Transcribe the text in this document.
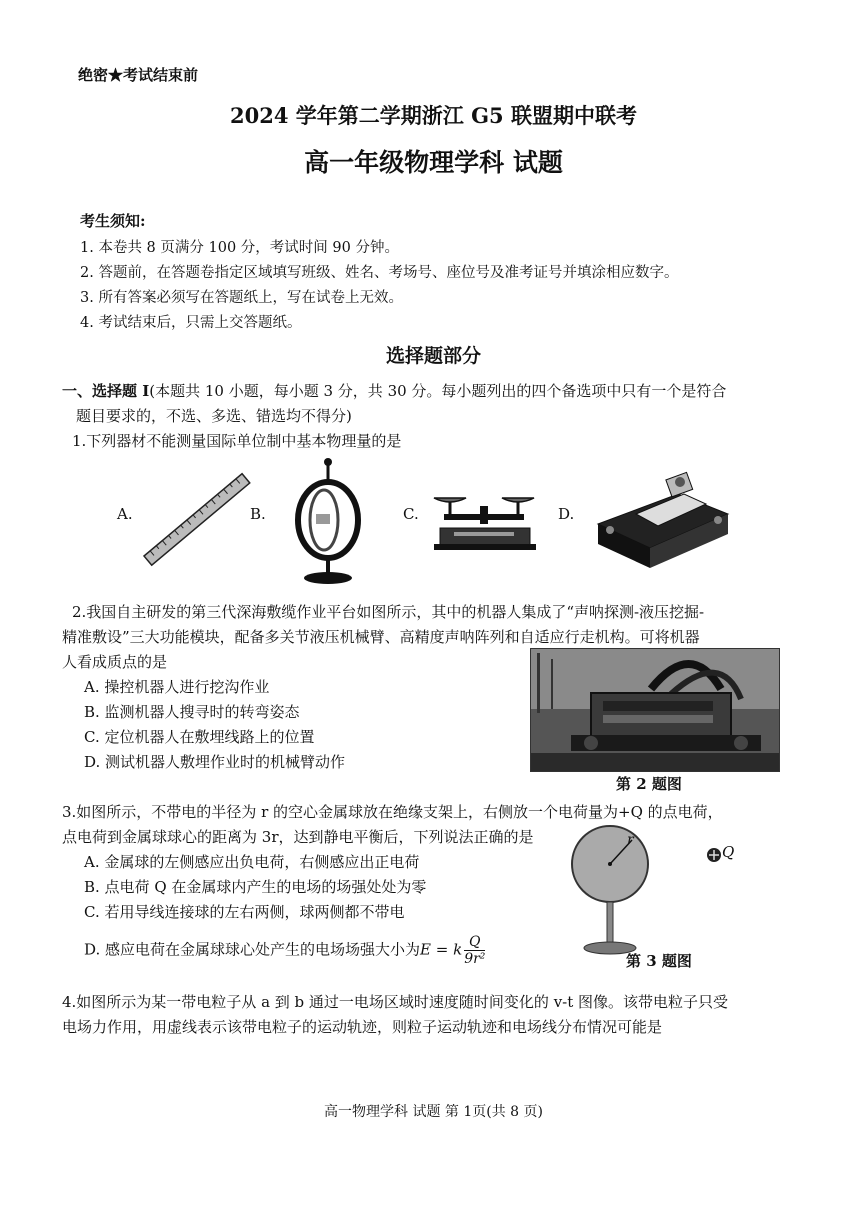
绝密★考试结束前
2024 学年第二学期浙江 G5 联盟期中联考
高一年级物理学科 试题
考生须知:
1. 本卷共 8 页满分 100 分，考试时间 90 分钟。
2. 答题前，在答题卷指定区域填写班级、姓名、考场号、座位号及准考证号并填涂相应数字。
3. 所有答案必须写在答题纸上，写在试卷上无效。
4. 考试结束后，只需上交答题纸。
选择题部分
一、选择题 I(本题共 10 小题，每小题 3 分，共 30 分。每小题列出的四个备选项中只有一个是符合
题目要求的，不选、多选、错选均不得分)
1.下列器材不能测量国际单位制中基本物理量的是
A.	B.	C.	D.
2.我国自主研发的第三代深海敷缆作业平台如图所示，其中的机器人集成了“声呐探测-液压挖掘-
精准敷设”三大功能模块，配备多关节液压机械臂、高精度声呐阵列和自适应行走机构。可将机器
人看成质点的是
A. 操控机器人进行挖沟作业
B. 监测机器人搜寻时的转弯姿态
C. 定位机器人在敷埋线路上的位置
D. 测试机器人敷埋作业时的机械臂动作
第 2 题图
3.如图所示，不带电的半径为 r 的空心金属球放在绝缘支架上，右侧放一个电荷量为+Q 的点电荷，
点电荷到金属球球心的距离为 3r，达到静电平衡后，下列说法正确的是
A. 金属球的左侧感应出负电荷，右侧感应出正电荷
B. 点电荷 Q 在金属球内产生的电场的场强处处为零
C. 若用导线连接球的左右两侧，球两侧都不带电
D. 感应电荷在金属球球心处产生的电场场强大小为E = k $\frac{Q}{\text{9r²}}$
r
Q
第 3 题图
4.如图所示为某一带电粒子从 a 到 b 通过一电场区域时速度随时间变化的 v-t 图像。该带电粒子只受
电场力作用，用虚线表示该带电粒子的运动轨迹，则粒子运动轨迹和电场线分布情况可能是
高一物理学科 试题 第 1页(共 8 页)
